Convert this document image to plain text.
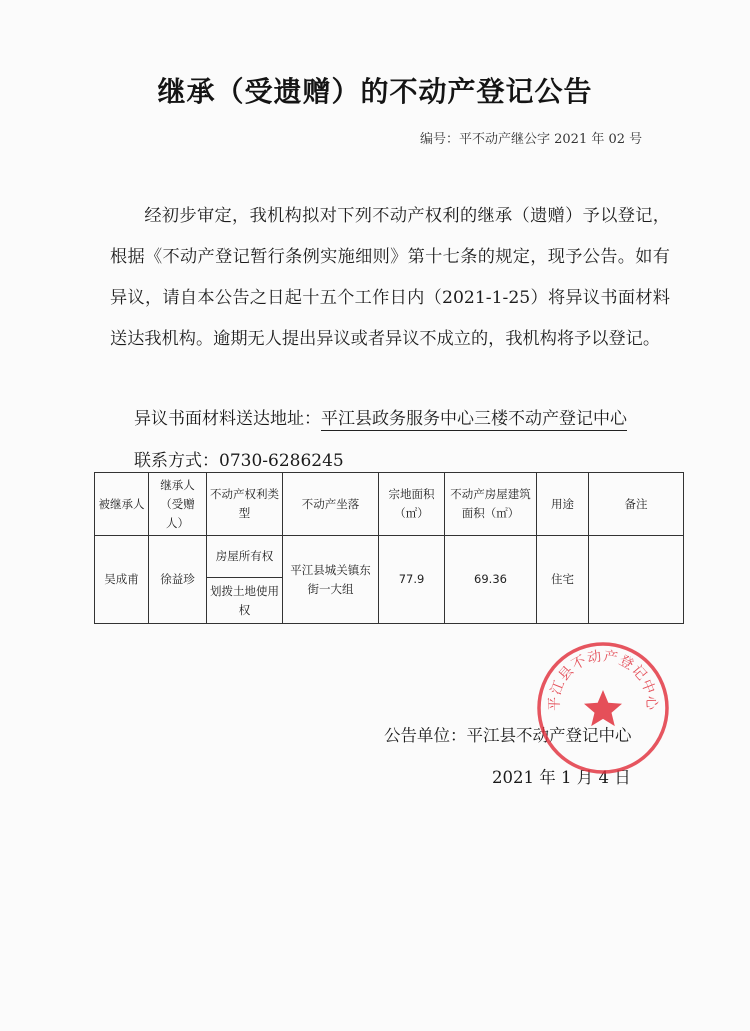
继承（受遗赠）的不动产登记公告
编号：平不动产继公字 2021 年 02 号
经初步审定，我机构拟对下列不动产权利的继承（遗赠）予以登记，根据《不动产登记暂行条例实施细则》第十七条的规定，现予公告。如有异议，请自本公告之日起十五个工作日内（2021-1-25）将异议书面材料送达我机构。逾期无人提出异议或者异议不成立的，我机构将予以登记。
异议书面材料送达地址：平江县政务服务中心三楼不动产登记中心
联系方式：0730-6286245
被继承人	继承人（受赠人）	不动产权利类　型	不动产坐落	宗地面积（㎡）	不动产房屋建筑面积（㎡）	用途	备注
吴成甫	徐益珍	房屋所有权	平江县城关镇东街一大组	77.9	69.36	住宅	
		划拨土地使用权					
公告单位：平江县不动产登记中心
2021 年 1 月 4 日
平江县不动产登记中心
